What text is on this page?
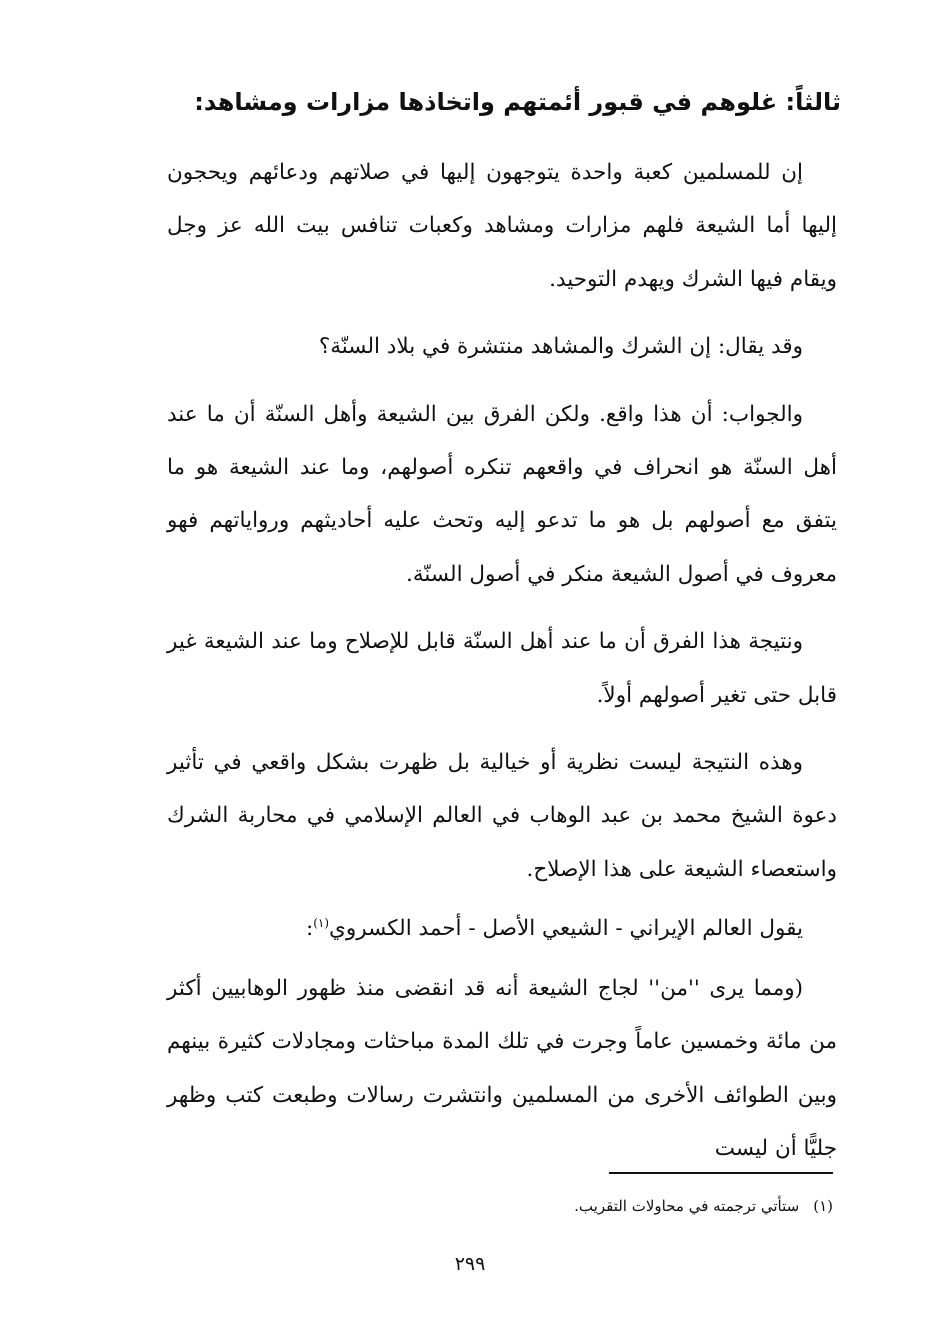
ثالثاً: غلوهم في قبور أئمتهم واتخاذها مزارات ومشاهد:

إن للمسلمين كعبة واحدة يتوجهون إليها في صلاتهم ودعائهم ويحجون إليها أما الشيعة فلهم مزارات ومشاهد وكعبات تنافس بيت الله عز وجل ويقام فيها الشرك ويهدم التوحيد.

وقد يقال: إن الشرك والمشاهد منتشرة في بلاد السنّة؟

والجواب: أن هذا واقع. ولكن الفرق بين الشيعة وأهل السنّة أن ما عند أهل السنّة هو انحراف في واقعهم تنكره أصولهم، وما عند الشيعة هو ما يتفق مع أصولهم بل هو ما تدعو إليه وتحث عليه أحاديثهم ورواياتهم فهو معروف في أصول الشيعة منكر في أصول السنّة.

ونتيجة هذا الفرق أن ما عند أهل السنّة قابل للإصلاح وما عند الشيعة غير قابل حتى تغير أصولهم أولاً.

وهذه النتيجة ليست نظرية أو خيالية بل ظهرت بشكل واقعي في تأثير دعوة الشيخ محمد بن عبد الوهاب في العالم الإسلامي في محاربة الشرك واستعصاء الشيعة على هذا الإصلاح.

يقول العالم الإيراني - الشيعي الأصل - أحمد الكسروي$^{(١)}$:

(ومما يرى ''من'' لجاج الشيعة أنه قد انقضى منذ ظهور الوهابيين أكثر من مائة وخمسين عاماً وجرت في تلك المدة مباحثات ومجادلات كثيرة بينهم وبين الطوائف الأخرى من المسلمين وانتشرت رسالات وطبعت كتب وظهر جليًّا أن ليست

(١)ستأتي ترجمته في محاولات التقريب.
٢٩٩
